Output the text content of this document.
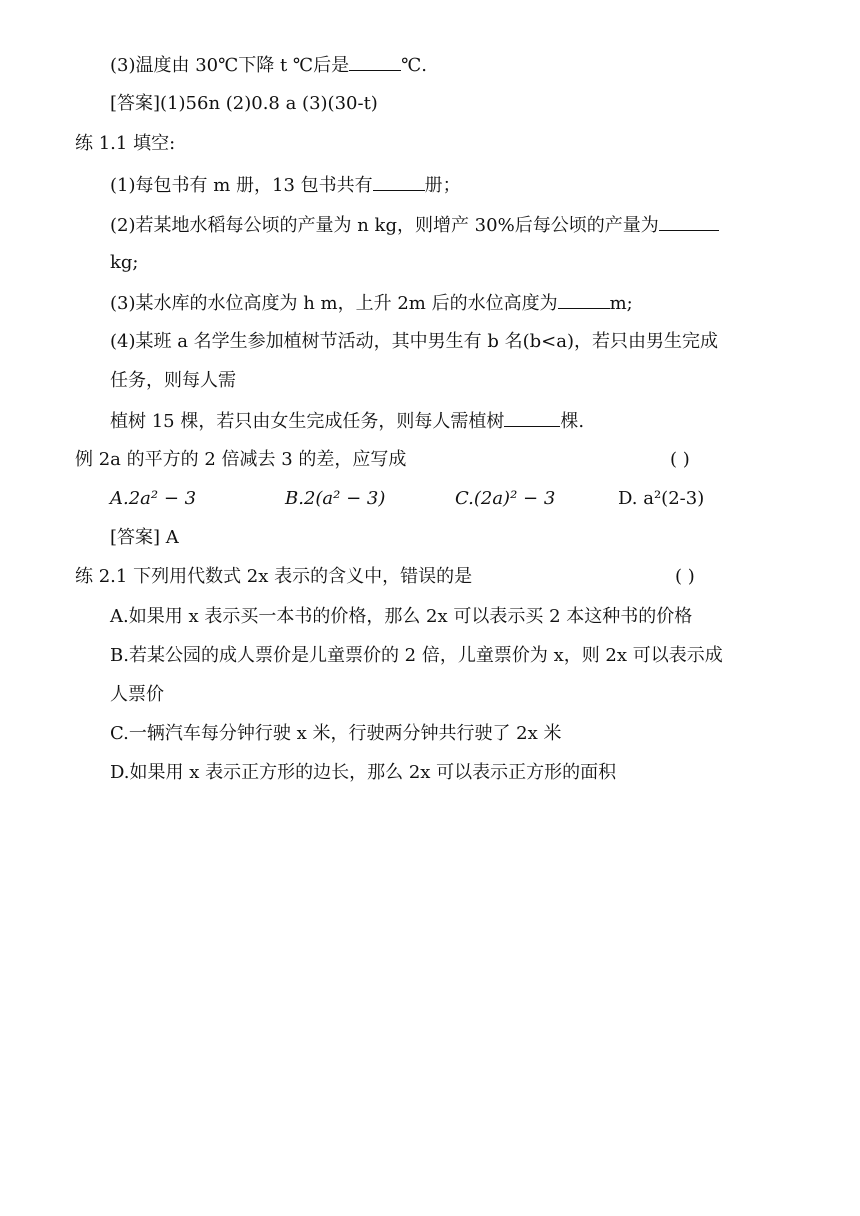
(3)温度由 30℃下降 t ℃后是	℃.
[答案](1)56n (2)0.8 a (3)(30-t)
练 1.1 填空:
(1)每包书有 m 册，13 包书共有	册；
(2)若某地水稻每公顷的产量为 n kg，则增产 30%后每公顷的产量为
kg;
(3)某水库的水位高度为 h m，上升 2m 后的水位高度为	m;
(4)某班 a 名学生参加植树节活动，其中男生有 b 名(b<a)，若只由男生完成
任务，则每人需
植树 15 棵，若只由女生完成任务，则每人需植树	棵.
例 2a 的平方的 2 倍减去 3 的差，应写成	( )
A.2a² − 3	B.2(a² − 3)	C.(2a)² − 3	D. a²(2-3)
[答案] A
练 2.1 下列用代数式 2x 表示的含义中，错误的是	( )
A.如果用 x 表示买一本书的价格，那么 2x 可以表示买 2 本这种书的价格
B.若某公园的成人票价是儿童票价的 2 倍，儿童票价为 x，则 2x 可以表示成
人票价
C.一辆汽车每分钟行驶 x 米，行驶两分钟共行驶了 2x 米
D.如果用 x 表示正方形的边长，那么 2x 可以表示正方形的面积
